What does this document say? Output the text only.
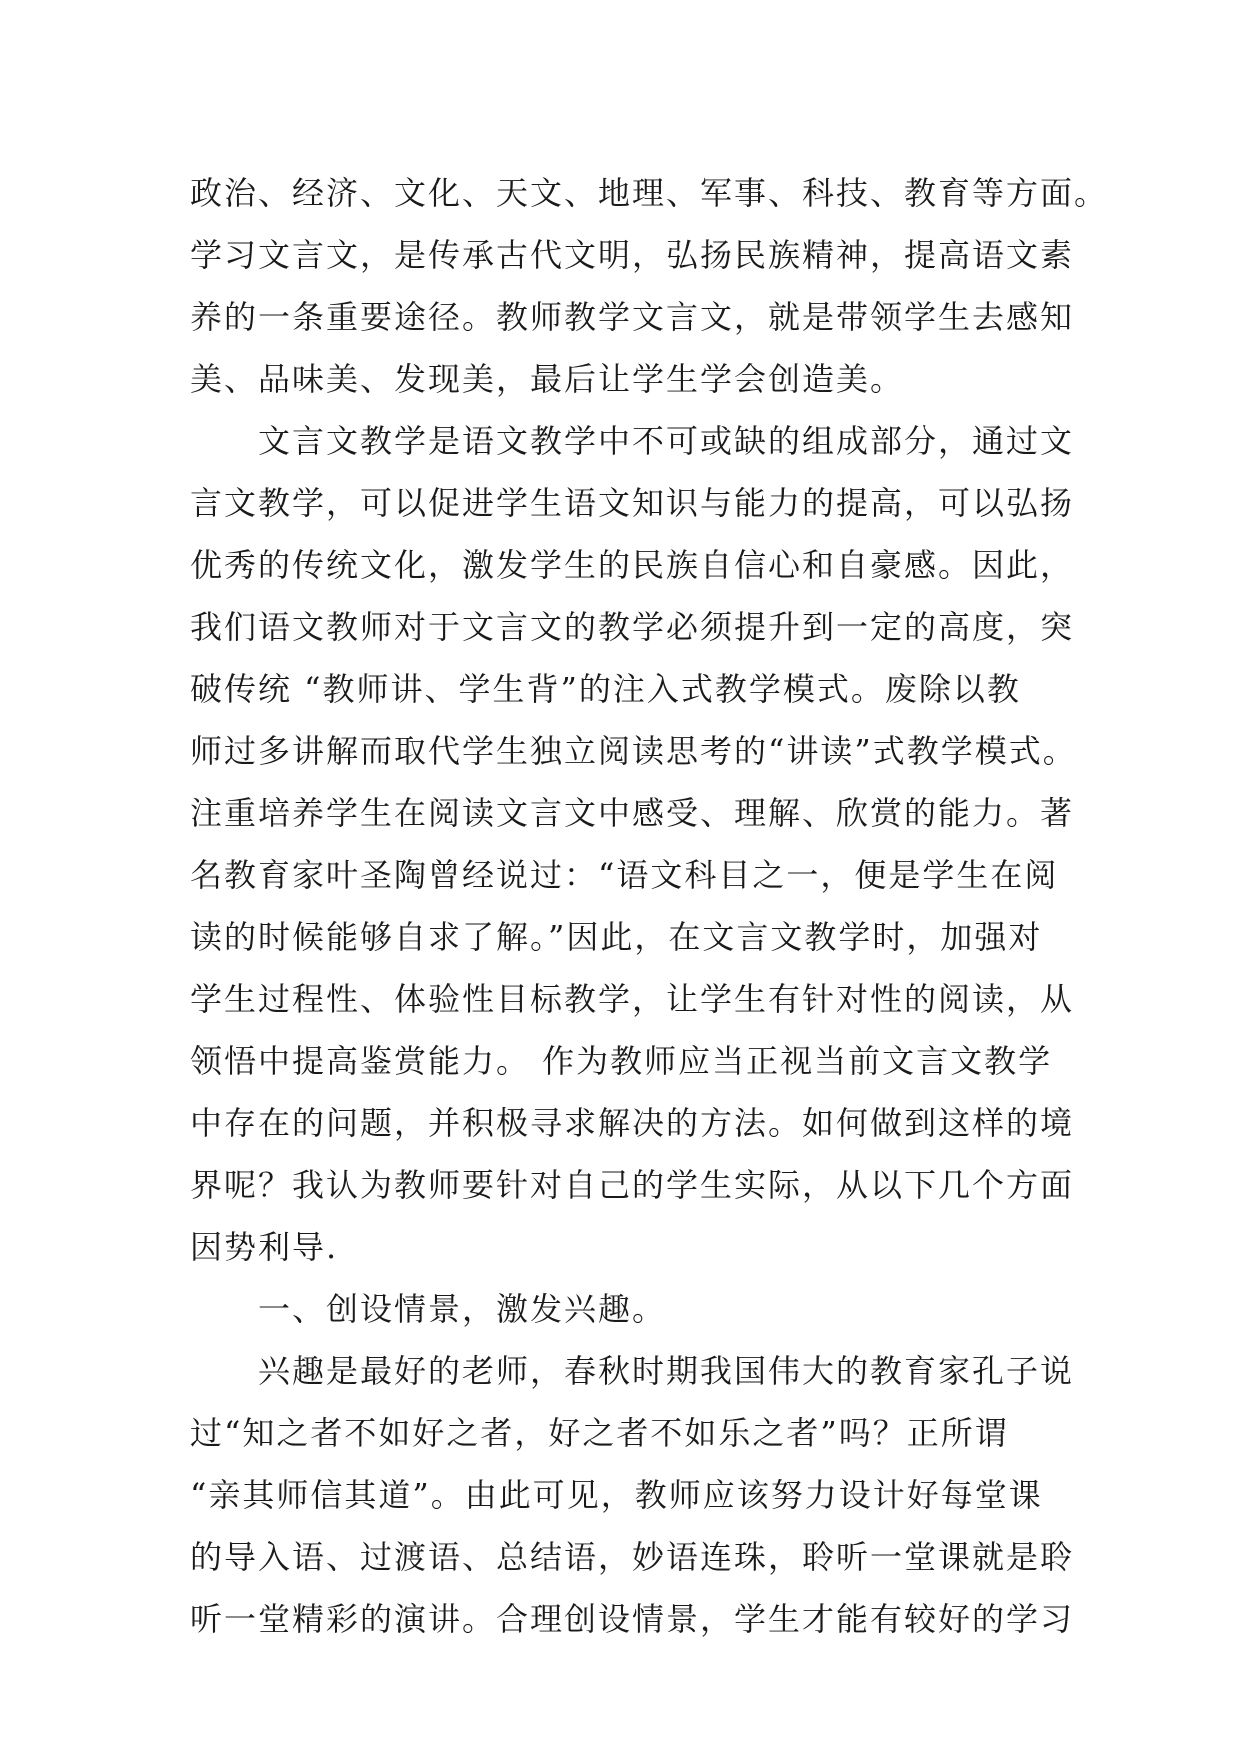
政治、经济、文化、天文、地理、军事、科技、教育等方面。
学习文言文，是传承古代文明，弘扬民族精神，提高语文素
养的一条重要途径。教师教学文言文，就是带领学生去感知
美、品味美、发现美，最后让学生学会创造美。
　　文言文教学是语文教学中不可或缺的组成部分，通过文
言文教学，可以促进学生语文知识与能力的提高，可以弘扬
优秀的传统文化，激发学生的民族自信心和自豪感。因此，
我们语文教师对于文言文的教学必须提升到一定的高度，突
破传统 “教师讲、学生背”的注入式教学模式。废除以教
师过多讲解而取代学生独立阅读思考的“讲读”式教学模式。
注重培养学生在阅读文言文中感受、理解、欣赏的能力。著
名教育家叶圣陶曾经说过：“语文科目之一，便是学生在阅
读的时候能够自求了解。”因此，在文言文教学时，加强对
学生过程性、体验性目标教学，让学生有针对性的阅读，从
领悟中提高鉴赏能力。 作为教师应当正视当前文言文教学
中存在的问题，并积极寻求解决的方法。如何做到这样的境
界呢？我认为教师要针对自己的学生实际，从以下几个方面
因势利导.
　　一、创设情景，激发兴趣。
　　兴趣是最好的老师，春秋时期我国伟大的教育家孔子说
过“知之者不如好之者，好之者不如乐之者”吗？正所谓
“亲其师信其道”。由此可见，教师应该努力设计好每堂课
的导入语、过渡语、总结语，妙语连珠，聆听一堂课就是聆
听一堂精彩的演讲。合理创设情景，学生才能有较好的学习
